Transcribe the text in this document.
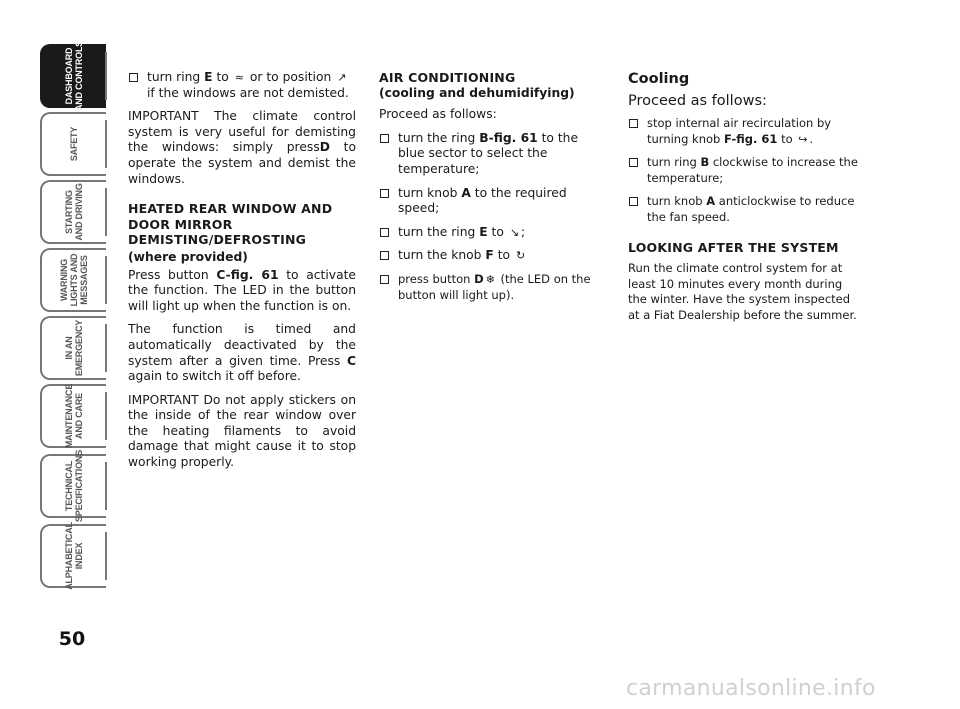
DASHBOARD
AND CONTROLS
SAFETY
STARTING
AND DRIVING
WARNING
LIGHTS AND
MESSAGES
IN AN
EMERGENCY
MAINTENANCE
AND CARE
TECHNICAL
SPECIFICATIONS
ALPHABETICAL
INDEX
50
turn ring E to ≈ or to position ↗
if the windows are not demisted.

IMPORTANT The climate control system is very useful for demisting the windows: simply pressD to operate the system and demist the windows.

HEATED REAR WINDOW AND DOOR MIRROR DEMISTING/DEFROSTING
(where provided)

Press button C-fig. 61 to activate the function. The LED in the button will light up when the function is on.

The function is timed and automatically deactivated by the system after a given time. Press C again to switch it off before.

IMPORTANT Do not apply stickers on the inside of the rear window over the heating filaments to avoid damage that might cause it to stop working properly.

AIR CONDITIONING
(cooling and dehumidifying)

Proceed as follows:

turn the ring B-fig. 61 to the blue sector to select the temperature;
turn knob A to the required speed;
turn the ring E to ↘ ;
turn the knob F to ↻
press button D ❄ (the LED on the button will light up).
Cooling
Proceed as follows:
stop internal air recirculation by turning knob F-fig. 61 to ↪ .
turn ring B clockwise to increase the temperature;
turn knob A anticlockwise to reduce the fan speed.
LOOKING AFTER THE SYSTEM

Run the climate control system for at least 10 minutes every month during the winter. Have the system inspected at a Fiat Dealership before the summer.

carmanualsonline.info
